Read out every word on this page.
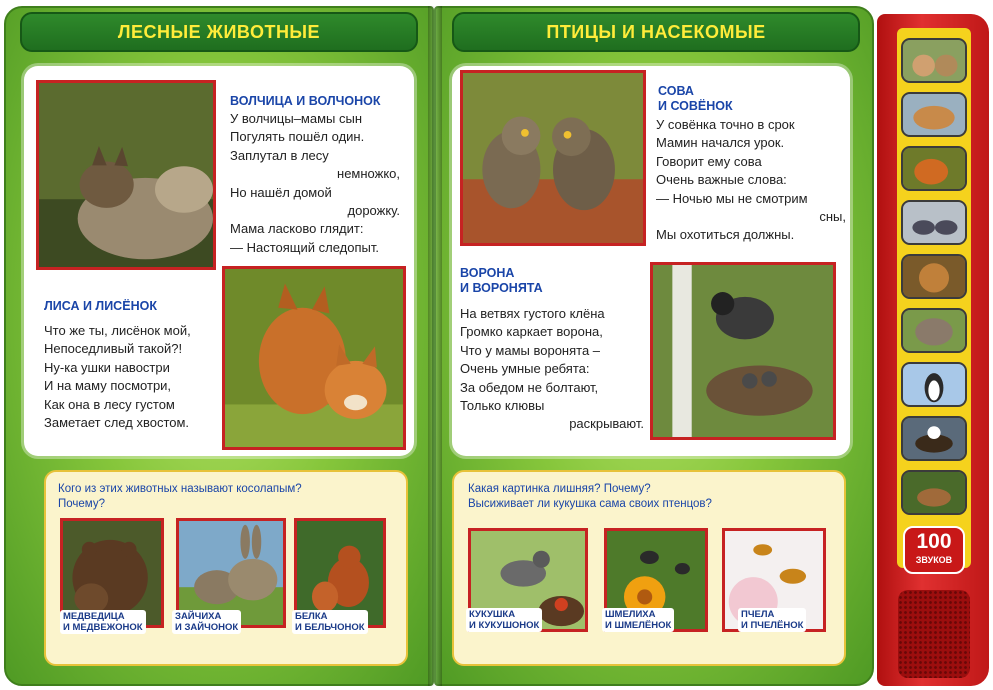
ЛЕСНЫЕ ЖИВОТНЫЕ	ПТИЦЫ И НАСЕКОМЫЕ
ВОЛЧИЦА И ВОЛЧОНОК
У волчицы–мамы сын
Погулять пошёл один.
Заплутал в лесу
немножко,
Но нашёл домой
дорожку.
Мама ласково глядит:
— Настоящий следопыт.
ЛИСА И ЛИСЁНОК
Что же ты, лисёнок мой,
Непоседливый такой?!
Ну-ка ушки навостри
И на маму посмотри,
Как она в лесу густом
Заметает след хвостом.
Кого из этих животных называют косолапым?
Почему?
МЕДВЕДИЦА
И МЕДВЕЖОНОК
ЗАЙЧИХА
И ЗАЙЧОНОК
БЕЛКА
И БЕЛЬЧОНОК
СОВА
И СОВЁНОК
У совёнка точно в срок
Мамин начался урок.
Говорит ему сова
Очень важные слова:
— Ночью мы не смотрим
сны,
Мы охотиться должны.
ВОРОНА
И ВОРОНЯТА
На ветвях густого клёна
Громко каркает ворона,
Что у мамы воронята –
Очень умные ребята:
За обедом не болтают,
Только клювы
раскрывают.
Какая картинка лишняя? Почему?
Высиживает ли кукушка сама своих птенцов?
КУКУШКА
И КУКУШОНОК
ШМЕЛИХА
И ШМЕЛЁНОК
ПЧЕЛА
И ПЧЕЛЁНОК
100
ЗВУКОВ
